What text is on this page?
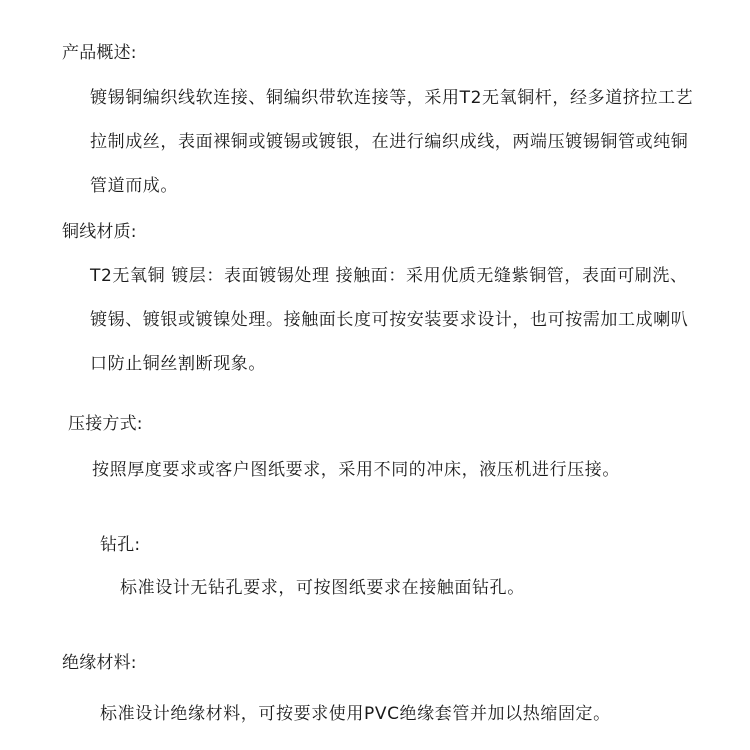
产品概述:
镀锡铜编织线软连接、铜编织带软连接等，采用T2无氧铜杆，经多道挤拉工艺
拉制成丝，表面裸铜或镀锡或镀银，在进行编织成线，两端压镀锡铜管或纯铜
管道而成。
铜线材质:
T2无氧铜 镀层：表面镀锡处理 接触面：采用优质无缝紫铜管，表面可刷洗、
镀锡、镀银或镀镍处理。接触面长度可按安装要求设计，也可按需加工成喇叭
口防止铜丝割断现象。
压接方式:
按照厚度要求或客户图纸要求，采用不同的冲床，液压机进行压接。
钻孔:
标准设计无钻孔要求，可按图纸要求在接触面钻孔。
绝缘材料:
标准设计绝缘材料，可按要求使用PVC绝缘套管并加以热缩固定。
